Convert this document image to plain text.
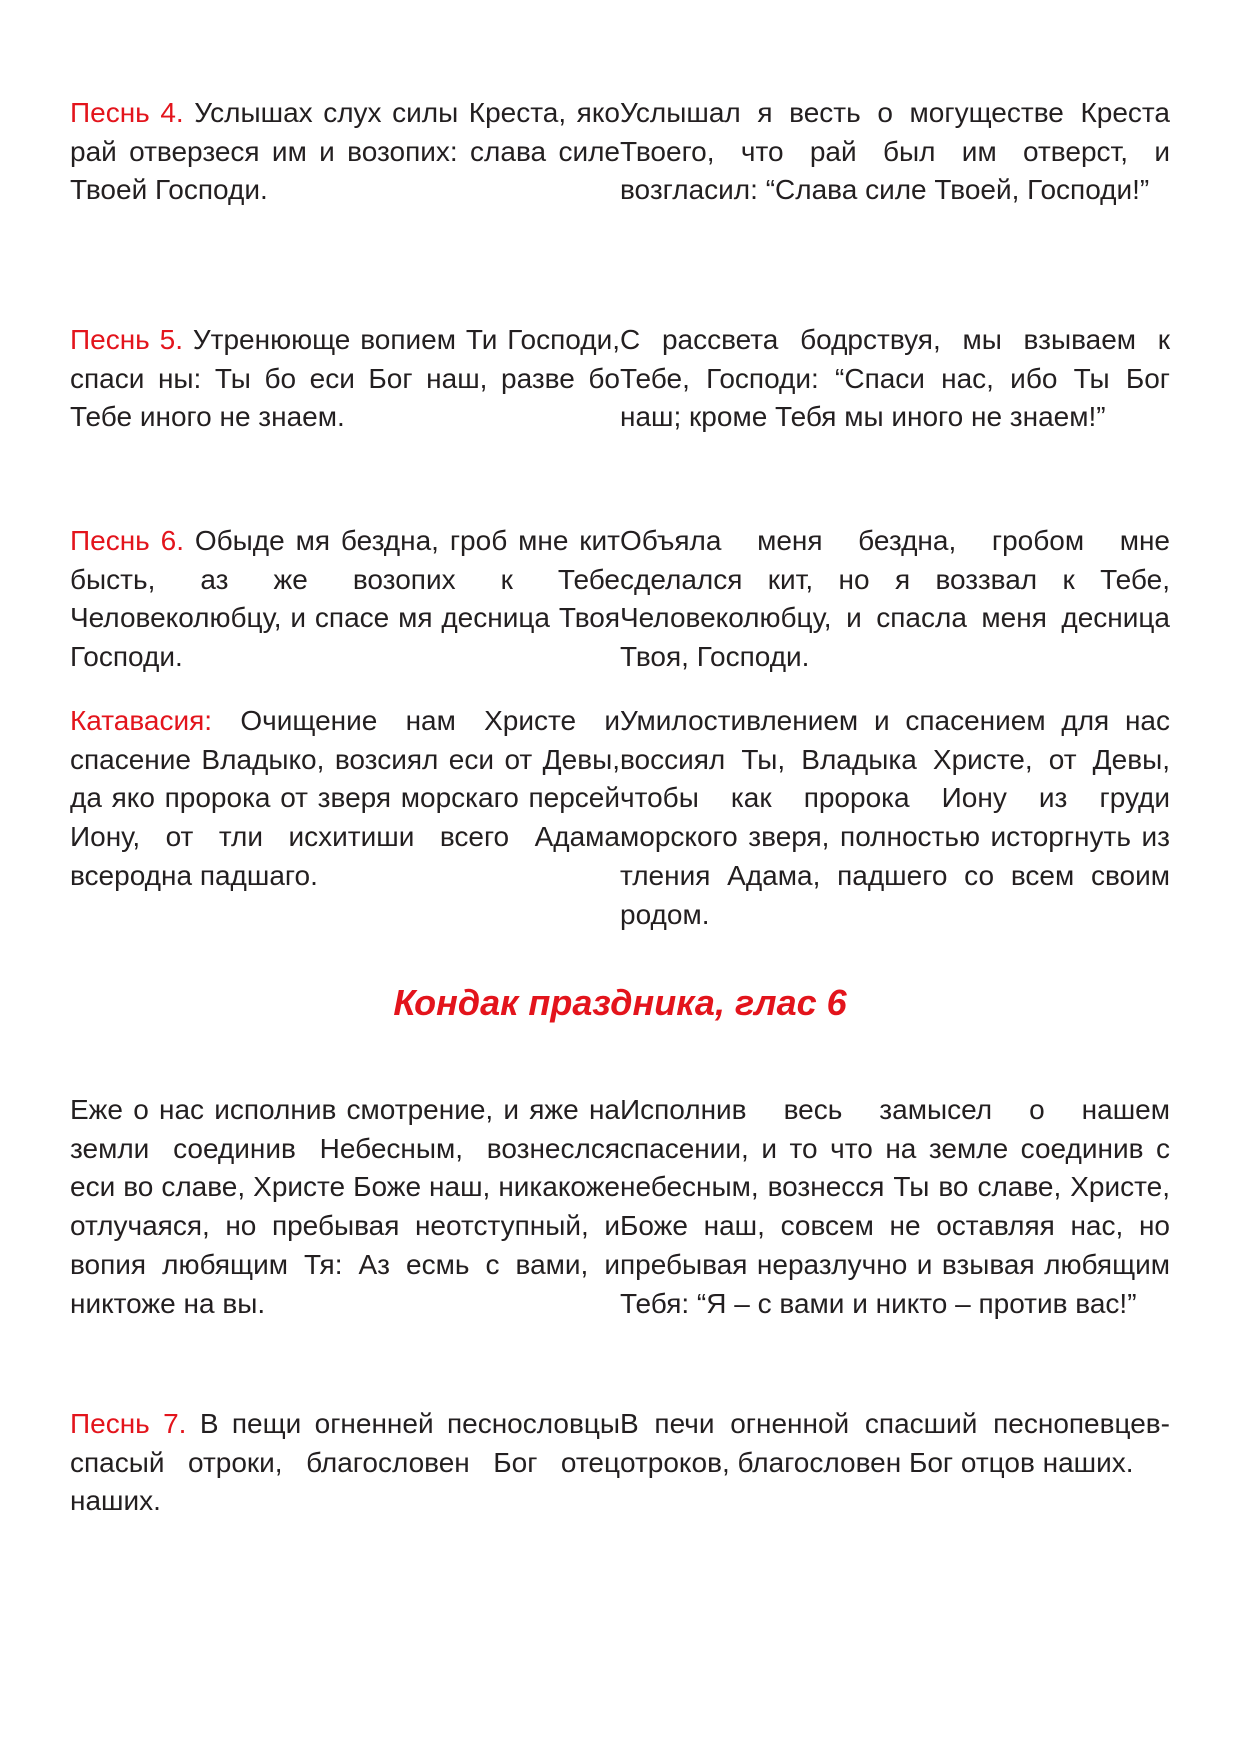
Песнь 4. Услышах слух силы Креста, яко рай отверзеся им и возопих: слава силе Твоей Господи.

Услышал я весть о могуществе Креста Твоего, что рай был им отверст, и возгласил: “Слава силе Твоей, Господи!”

Песнь 5. Утренююще вопием Ти Господи, спаси ны: Ты бо еси Бог наш, разве бо Тебе иного не знаем.

С рассвета бодрствуя, мы взываем к Тебе, Господи: “Спаси нас, ибо Ты Бог наш; кроме Тебя мы иного не знаем!”

Песнь 6. Обыде мя бездна, гроб мне кит бысть, аз же возопих к Тебе Человеколюбцу, и спасе мя десница Твоя Господи.

Объяла меня бездна, гробом мне сделался кит, но я воззвал к Тебе, Человеколюбцу, и спасла меня десница Твоя, Господи.

Катавасия: Очищение нам Христе и спасение Владыко, возсиял еси от Девы, да яко пророка от зверя морскаго персей Иону, от тли исхитиши всего Адама всеродна падшаго.

Умилостивлением и спасением для нас воссиял Ты, Владыка Христе, от Девы, чтобы как пророка Иону из груди морского зверя, полностью исторгнуть из тления Адама, падшего со всем своим родом.

Кондак праздника, глас 6

Еже о нас исполнив смотрение, и яже на земли соединив Небесным, вознеслся еси во славе, Христе Боже наш, никакоже отлучаяся, но пребывая неотступный, и вопия любящим Тя: Аз есмь с вами, и никтоже на вы.

Исполнив весь замысел о нашем спасении, и то что на земле соединив с небесным, вознесся Ты во славе, Христе, Боже наш, совсем не оставляя нас, но пребывая неразлучно и взывая любящим Тебя: “Я – с вами и никто – против вас!”

Песнь 7. В пещи огненней песнословцы спасый отроки, благословен Бог отец наших.

В печи огненной спасший песнопевцев-отроков, благословен Бог отцов наших.
